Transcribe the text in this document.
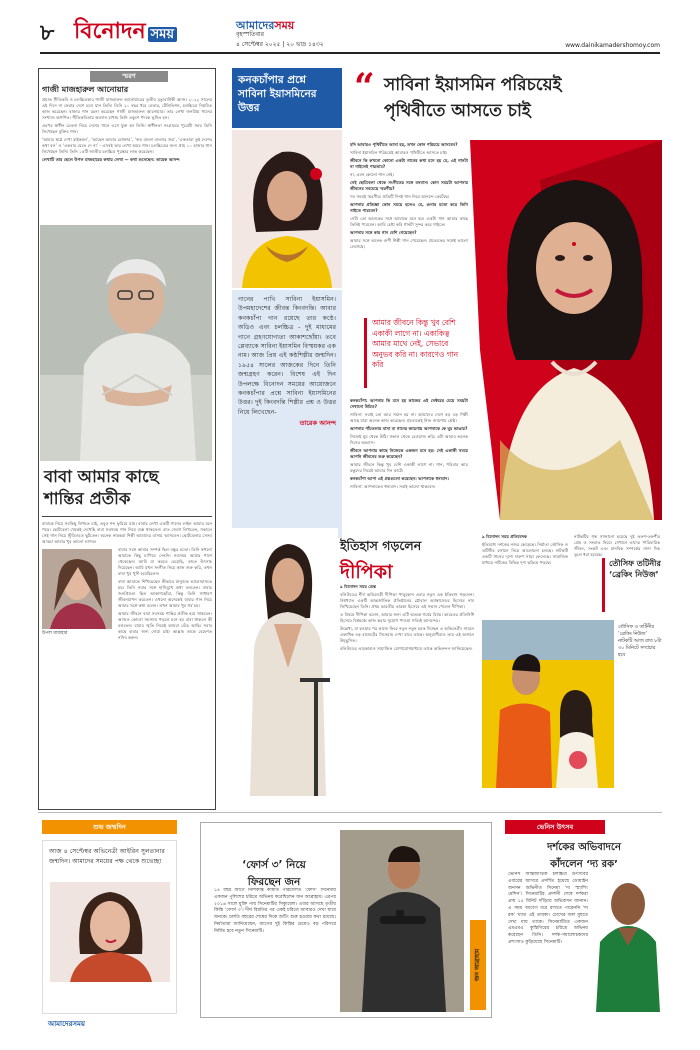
৮ বিনোদন সময়
আমাদেরসময়
বৃহস্পতিবার
৪ সেপ্টেম্বর ২০২৫ | ২০ ভাদ্র ১৪৩২	www.dainikamadershomoy.com
স্মরণ
গাজী মাজহারুল আনোয়ার

প্রয়াত গীতিকবি ও চলচ্চিত্রকার গাজী মাজহারুল আনোয়ারের তৃতীয় মৃত্যুবার্ষিকী আজ। ২০২২ সালের এই দিনে না ফেরার দেশে চলে যান তিনি। তিনি ২০ বছর ধরে বেতার, টেলিভিশন, চলচ্চিত্রে নিয়মিত কাজ করেছেন। হাজার গান রচনা করেছেন গাজী মাজহারুল আনোয়ার। তার লেখা জনপ্রিয় গানের সংখ্যাও অগণিত। গীতিকবিতায় অবদান রাখায় তিনি একুশে পদকে ভূষিত হন।

এরপর স্বাধীন চেতনা নিয়ে দেশের গানে এসে যুক্ত হন তিনি। স্বাধীনতা সংগ্রামের পুরোটা সময় তিনি লিখেছেন মুক্তির গান।

‘আমার স্বপ্নে দেখা রাইকমল’, ‘আছেন আমার মোক্তার’, ‘জয় বাংলা বাংলার জয়’, ‘একতারা তুই দেশের কথা বল’ ও ‘একবার যেতে দে না’ - এসবই তার লেখা অমর গান। চলচ্চিত্রের জন্য প্রায় ১০ হাজার গান লিখেছেন তিনি। তিনি ১৫টি জাতীয় চলচ্চিত্র পুরস্কার লাভ করেছেন।

লেখাটি তার ছেলে উপল মাজহারের কথায় লেখা — কথা শুনেছেন: তারেক আনন্দ

বাবা আমার কাছে
শান্তির প্রতীক

বাবাকে নিয়ে সবকিছু লিখতে চাই, তবুও শব্দ ফুরিয়ে যায়। বাবার লেখা একটি গানের লাইন আমার মনে পড়ে। ছোটবেলা থেকেই দেখেছি বাবা সবসময় গান নিয়ে ব্যস্ত থাকতেন। রাত জেগে লিখতেন, সকালে সেই গান নিয়ে স্টুডিওতে ছুটতেন। অনেক নামকরা শিল্পী আমাদের বাসায় আসতেন। ছোটবেলায় সেসব আড্ডা আমার খুব ভালো লাগত।

উপল মাজহার

বাবার সঙ্গে আমার সম্পর্ক ছিল বন্ধুর মতো। তিনি কখনো আমাকে কিছু চাপিয়ে দেননি। সবসময় আমার পাশে থেকেছেন। আমি যা করতে চেয়েছি, তাতে উৎসাহ দিয়েছেন। আমি যখন সংগীত নিয়ে কাজ শুরু করি, তখন বাবা খুব খুশি হয়েছিলেন।

বাবা আমাকে শিখিয়েছেন কীভাবে মানুষকে ভালোবাসতে হয়। তিনি সবার সঙ্গে হাসিমুখে কথা বলতেন। বাবার জনপ্রিয়তা ছিল আকাশছোঁয়া, কিন্তু তিনি সাধারণ জীবনযাপন করতেন। এখনো অনেকেই বাবার গান নিয়ে আমার সঙ্গে কথা বলেন। তখন আমার খুব গর্ব হয়।

আমার জীবনে বাবা সবসময় শান্তির প্রতীক হয়ে থাকবেন। আজও কোনো সমস্যায় পড়লে মনে হয় বাবা থাকলে কী বলতেন। বাবার স্মৃতি নিয়েই আমরা বেঁচে আছি। সবার কাছে বাবার জন্য দোয়া চাই। আল্লাহ তাকে বেহেশত নসিব করুন।

কনকচাঁপার প্রশ্নে সাবিনা ইয়াসমিনের উত্তর
গানের পাখি সাবিনা ইয়াসমিন। উপমহাদেশের জীবন্ত কিংবদন্তি। আবার কনকচাঁপা গান রয়েছে তার কণ্ঠে। অডিও এবং চলচ্চিত্র - দুই মাধ্যমের গানে গ্রহণযোগ্যতা আকাশছোঁয়া। তবে প্লেব্যাকে সাবিনা ইয়াসমিন বিস্ময়কর এক নাম। আজ প্রিয় এই কণ্ঠশিল্পীর জন্মদিন। ১৯৫৪ সালের আজকের দিনে তিনি জন্মগ্রহণ করেন। বিশেষ এই দিন উপলক্ষে বিনোদন সময়ের আয়োজনে কনকচাঁপার প্রশ্নে সাবিনা ইয়াসমিনের উত্তর। দুই কিংবদন্তি শিল্পীর প্রশ্ন ও উত্তর নিয়ে লিখেছেন-
তারেক আনন্দ
“ সাবিনা ইয়াসমিন পরিচয়েই
পৃথিবীতে আসতে চাই

যদি আবারও পৃথিবীতে আসা হয়, তখন কোন পরিচয়ে আসবেন?

সাবিনা ইয়াসমিন পরিচয়েই আবারও পৃথিবীতে আসতে চাই।

জীবনে কি কখনো কোনো একটা গানের কথা মনে হয় যে, এই গানটা না গাইলেই পারতাম?

না, এমন কোনো গান নেই।

সেই ছোটবেলা থেকে সংগীতের সঙ্গে বসবাস। কোন সময়টা আপনার জীবনের সবচেয়ে স্মরণীয়?

সব সময়ই স্মরণীয়। প্রতিটি দিনই গান নিয়ে আনন্দে কেটেছে।

আপনার প্রতিজ্ঞা কোন সময়ে হলেও যে, গুনার মতো করে তিনি গাইতে পারবেন?

সেটা তো অনেকের সঙ্গে আমাকে মনে হয়। একটা গান আমার কাছে তিনিই পারবেন। আমি চেষ্টা করি গানটা সুন্দর করে গাইতে।

আপনার সঙ্গে কার গান বেশি গেয়েছেন?

আমার সঙ্গে অনেক গুণী শিল্পী গান গেয়েছেন। প্রত্যেকের সঙ্গেই ভালো লেগেছে।

আমার জীবনে কিন্তু খুব বেশি একাকী লাগে না। একাকিত্ব আমার মাথে নেই, সেভাবে অনুভব করি না। কারণেও গান করি

কনকচাঁপা: আপনার কি মনে হয় কাজের এই সেক্টরের চেয়ে সময়টা দেখানো উচিত?

সাবিনা: সবাই তো আর সমান হয় না। আমাদের দেশে বড় বড় শিল্পী আছে যারা অনেক কাজ করেছেন। প্রত্যেকেই নিজ জায়গায় শ্রেষ্ঠ।

আপনার পাঁচতলার বাসা বা গানের জায়গায় আপনাকে কে ঘুম ভাঙায়?

নিজেই ঘুম থেকে উঠি। সকাল থেকে রেওয়াজ করি। এটা আমার অনেক দিনের অভ্যাস।

জীবনে আপনার কাছে নিজেকে একজন মনে হয়। সেই একাকী সময়ে আপনি জীবনের শুরু করেছেন?

আমার জীবনে কিন্তু খুব বেশি একাকী লাগে না। গান, পরিবার আর বন্ধুদের নিয়েই আমার দিন কাটে।

কনকচাঁপা আপা এই প্রশ্নগুলো করেছেন। আপনাকে ধন্যবাদ।

সাবিনা: আপনাকেও ধন্যবাদ। সবাই ভালো থাকবেন।

ইতিহাস গড়লেন
দীপিকা

৯ বিনোদন সময় ডেস্ক

বলিউডের শীর্ষ অভিনেত্রী দীপিকা পাড়ুকোন এবার নতুন এক ইতিহাস গড়লেন। বিশ্বখ্যাত একটি আন্তর্জাতিক প্রতিষ্ঠানের গ্লোবাল অ্যাম্বাসেডর হিসেবে নাম লিখিয়েছেন তিনি। প্রথম ভারতীয় তারকা হিসেবে এই সম্মান পেলেন দীপিকা।

এ বিষয়ে দীপিকা বলেন, আমার জন্য এটি অত্যন্ত গর্বের বিষয়। ভারতের প্রতিনিধি হিসেবে বিশ্বমঞ্চে কাজ করার সুযোগ পাওয়া সত্যিই আনন্দের।

উল্লেখ্য, মা হওয়ার পর কাজে ফিরে নতুন নতুন চমক দিচ্ছেন এ অভিনেত্রী। সামনে একাধিক বড় বাজেটের সিনেমায় দেখা যাবে তাকে। অনুরাগীরাও তার এই অর্জনে উচ্ছ্বসিত।

বলিউডের তারকারাও সামাজিক যোগাযোগমাধ্যমে তাকে অভিনন্দন জানিয়েছেন।

৯ বিনোদন সময় প্রতিবেদক

ইতিমধ্যে দর্শকের নজর কেড়েছে। নির্মাতা তৌসিফ ও তটিনীর রসায়ন নিয়ে আলোচনা চলছে। নাটকটি একটি গানের দৃশ্যে দারুণ সাড়া ফেলেছে। সামাজিক মাধ্যমে নাটকের বিভিন্ন দৃশ্য ছড়িয়ে পড়ছে।

নাটকটির গল্প সাজানো হয়েছে দুই তরুণ-তরুণীর প্রেম ও সংঘাত নিয়ে। সেখানে তাদের পারিবারিক জীবন, সংকট এবং মানবিক সম্পর্কের নানা দিক তুলে ধরা হয়েছে।

তৌসিফ তটিনীর ‘ব্রেকিং নিউজ’
তৌসিফ ও তটিনীর ‘ব্রেকিং নিউজ’ নাটকটি আজ রাত ৮টা ৩০ মিনিটে সম্প্রচার হবে
শুভ জন্মদিন
আজ ৪ সেপ্টেম্বর অভিনেত্রী আইরিন সুলতানার জন্মদিন। আমাদের সময়ের পক্ষ থেকে শুভেচ্ছা
আমাদেরসময়
‘ফোর্স ৩’ নিয়ে
ফিরছেন জন
১৪ বছর আগে নিশিকান্ত কামাত পরিচালিত ‘ফোর্স’ সিনেমায় একজন পুলিশের চরিত্রে অভিনয় করেছিলেন জন আব্রাহাম। এরপর ২০১৬ সালে মুক্তি পায় সিনেমাটির সিক্যুয়েল। এবার আসছে তৃতীয় কিস্তি ‘ফোর্স ৩’। দীর্ঘ বিরতির পর একই চরিত্রে আবারও দেখা যাবে জনকে। চলতি বছরের শেষের দিকে শুটিং শুরু হওয়ার কথা রয়েছে। নির্মাতারা জানিয়েছেন, আগের দুই কিস্তির চেয়েও বড় পরিসরে নির্মিত হবে নতুন সিনেমাটি।
জন আব্রাহাম
ভেনিস উৎসব
দর্শকের অভিবাদনে
কাঁদলেন ‘দ্য রক’
ভেনিস আন্তর্জাতিক চলচ্চিত্র উৎসবের এবারের আসরে প্রদর্শিত হয়েছে ডোয়াইন জনসন অভিনীত সিনেমা ‘দ্য স্ম্যাশিং মেশিন’। সিনেমাটির প্রদর্শনী শেষে দর্শকরা প্রায় ১৫ মিনিট দাঁড়িয়ে অভিবাদন জানান। এ সময় আবেগ ধরে রাখতে পারেননি ‘দ্য রক’ খ্যাত এই তারকা। চোখের জল মুছতে দেখা যায় তাকে। সিনেমাটিতে একজন এমএমএ কুস্তিগিরের চরিত্রে অভিনয় করেছেন তিনি। দর্শক-সমালোচকদের প্রশংসাও কুড়িয়েছে সিনেমাটি।
